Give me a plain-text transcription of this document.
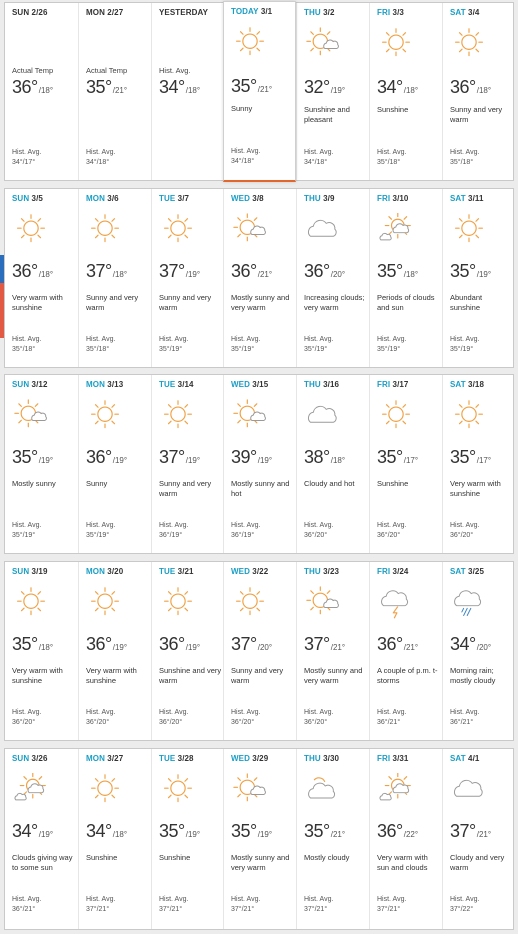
SUN 2/26
Actual Temp
36°/18°
Hist. Avg.
34°/17°
MON 2/27
Actual Temp
35°/21°
Hist. Avg.
34°/18°
YESTERDAY
Hist. Avg.
34°/18°
TODAY 3/1
35°/21°
Sunny
Hist. Avg.
34°/18°
THU 3/2
32°/19°
Sunshine and pleasant
Hist. Avg.
34°/18°
FRI 3/3
34°/18°
Sunshine
Hist. Avg.
35°/18°
SAT 3/4
36°/18°
Sunny and very warm
Hist. Avg.
35°/18°
SUN 3/5
36°/18°
Very warm with sunshine
Hist. Avg.
35°/18°
MON 3/6
37°/18°
Sunny and very warm
Hist. Avg.
35°/18°
TUE 3/7
37°/19°
Sunny and very warm
Hist. Avg.
35°/19°
WED 3/8
36°/21°
Mostly sunny and very warm
Hist. Avg.
35°/19°
THU 3/9
36°/20°
Increasing clouds; very warm
Hist. Avg.
35°/19°
FRI 3/10
35°/18°
Periods of clouds and sun
Hist. Avg.
35°/19°
SAT 3/11
35°/19°
Abundant sunshine
Hist. Avg.
35°/19°
SUN 3/12
35°/19°
Mostly sunny
Hist. Avg.
35°/19°
MON 3/13
36°/19°
Sunny
Hist. Avg.
35°/19°
TUE 3/14
37°/19°
Sunny and very warm
Hist. Avg.
36°/19°
WED 3/15
39°/19°
Mostly sunny and hot
Hist. Avg.
36°/19°
THU 3/16
38°/18°
Cloudy and hot
Hist. Avg.
36°/20°
FRI 3/17
35°/17°
Sunshine
Hist. Avg.
36°/20°
SAT 3/18
35°/17°
Very warm with sunshine
Hist. Avg.
36°/20°
SUN 3/19
35°/18°
Very warm with sunshine
Hist. Avg.
36°/20°
MON 3/20
36°/19°
Very warm with sunshine
Hist. Avg.
36°/20°
TUE 3/21
36°/19°
Sunshine and very warm
Hist. Avg.
36°/20°
WED 3/22
37°/20°
Sunny and very warm
Hist. Avg.
36°/20°
THU 3/23
37°/21°
Mostly sunny and very warm
Hist. Avg.
36°/20°
FRI 3/24
36°/21°
A couple of p.m. t-storms
Hist. Avg.
36°/21°
SAT 3/25
34°/20°
Morning rain; mostly cloudy
Hist. Avg.
36°/21°
SUN 3/26
34°/19°
Clouds giving way to some sun
Hist. Avg.
36°/21°
MON 3/27
34°/18°
Sunshine
Hist. Avg.
37°/21°
TUE 3/28
35°/19°
Sunshine
Hist. Avg.
37°/21°
WED 3/29
35°/19°
Mostly sunny and very warm
Hist. Avg.
37°/21°
THU 3/30
35°/21°
Mostly cloudy
Hist. Avg.
37°/21°
FRI 3/31
36°/22°
Very warm with sun and clouds
Hist. Avg.
37°/21°
SAT 4/1
37°/21°
Cloudy and very warm
Hist. Avg.
37°/22°
